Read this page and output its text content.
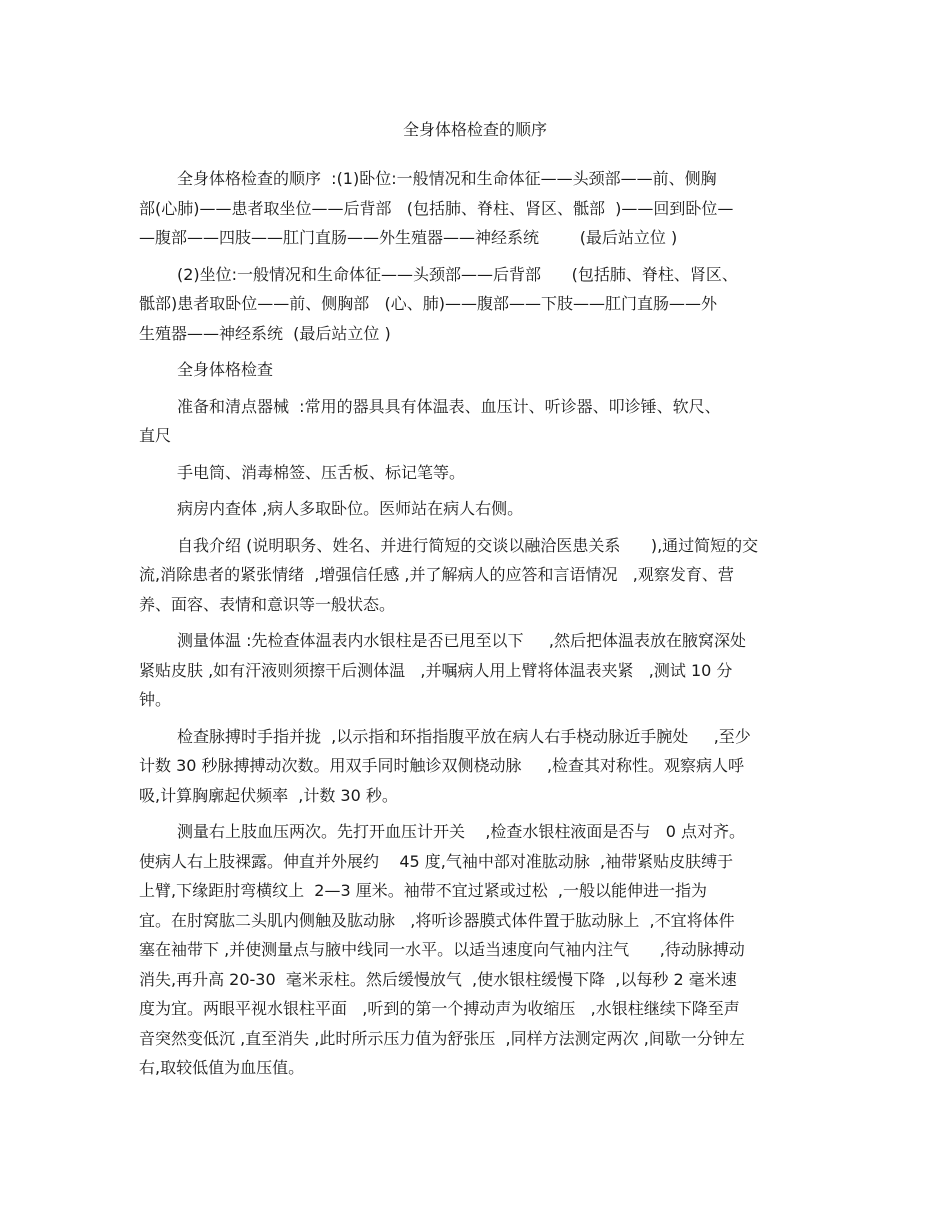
全身体格检查的顺序
全身体格检查的顺序  :(1)卧位:一般情况和生命体征——头颈部——前、侧胸
部(心肺)——患者取坐位——后背部   (包括肺、脊柱、肾区、骶部  )——回到卧位—
—腹部——四肢——肛门直肠——外生殖器——神经系统        (最后站立位 )
(2)坐位:一般情况和生命体征——头颈部——后背部      (包括肺、脊柱、肾区、
骶部)患者取卧位——前、侧胸部   (心、肺)——腹部——下肢——肛门直肠——外
生殖器——神经系统  (最后站立位 )
全身体格检查
准备和清点器械  :常用的器具具有体温表、血压计、听诊器、叩诊锤、软尺、
直尺
手电筒、消毒棉签、压舌板、标记笔等。
病房内查体 ,病人多取卧位。医师站在病人右侧。
自我介绍 (说明职务、姓名、并进行简短的交谈以融洽医患关系      ),通过简短的交
流,消除患者的紧张情绪  ,增强信任感 ,并了解病人的应答和言语情况   ,观察发育、营
养、面容、表情和意识等一般状态。
测量体温 :先检查体温表内水银柱是否已甩至以下     ,然后把体温表放在腋窝深处
紧贴皮肤 ,如有汗液则须擦干后测体温   ,并嘱病人用上臂将体温表夹紧   ,测试 10 分
钟。
检查脉搏时手指并拢  ,以示指和环指指腹平放在病人右手桡动脉近手腕处     ,至少
计数 30 秒脉搏搏动次数。用双手同时触诊双侧桡动脉     ,检查其对称性。观察病人呼
吸,计算胸廓起伏频率  ,计数 30 秒。
测量右上肢血压两次。先打开血压计开关    ,检查水银柱液面是否与   0 点对齐。
使病人右上肢裸露。伸直并外展约    45 度,气袖中部对准肱动脉  ,袖带紧贴皮肤缚于
上臂,下缘距肘弯横纹上  2—3 厘米。袖带不宜过紧或过松  ,一般以能伸进一指为
宜。在肘窝肱二头肌内侧触及肱动脉   ,将听诊器膜式体件置于肱动脉上  ,不宜将体件
塞在袖带下 ,并使测量点与腋中线同一水平。以适当速度向气袖内注气      ,待动脉搏动
消失,再升高 20-30  毫米汞柱。然后缓慢放气  ,使水银柱缓慢下降  ,以每秒 2 毫米速
度为宜。两眼平视水银柱平面   ,听到的第一个搏动声为收缩压   ,水银柱继续下降至声
音突然变低沉 ,直至消失 ,此时所示压力值为舒张压  ,同样方法测定两次 ,间歇一分钟左
右,取较低值为血压值。
